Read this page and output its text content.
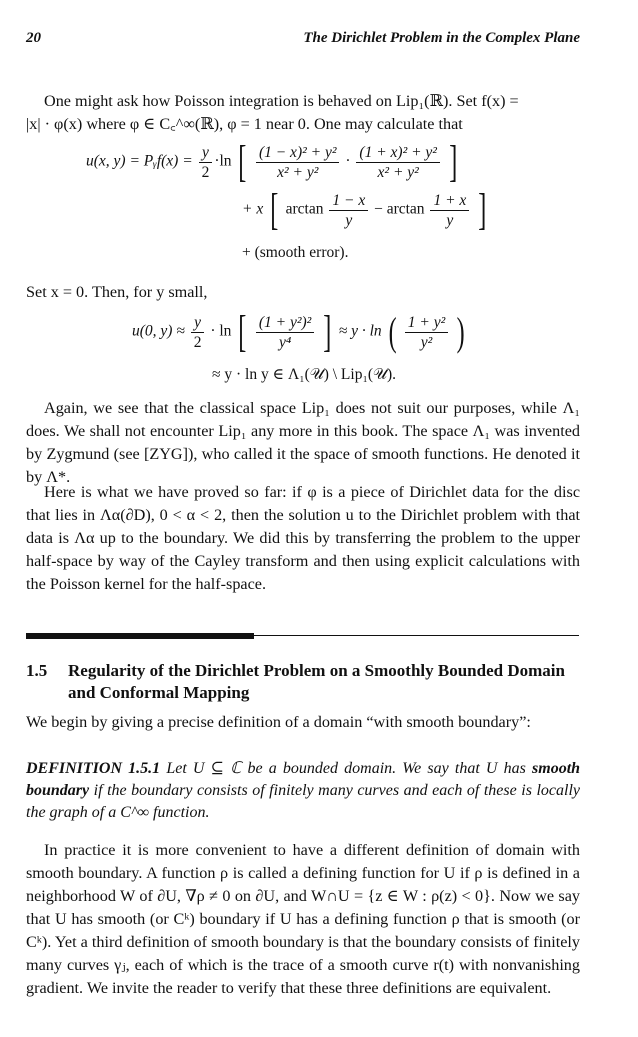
20	The Dirichlet Problem in the Complex Plane

One might ask how Poisson integration is behaved on Lip₁(ℝ). Set f(x) =

|x| · φ(x) where φ ∈ C꜀^∞(ℝ), φ = 1 near 0. One may calculate that

u(x, y) = Pᵧf(x) = $\frac{y}{2} \cdot\ln$ [ $\frac{\text{(1 − x)² + y²}}{\text{x² + y²}} \cdot \frac{\text{(1 + x)² + y²}}{\text{x² + y²}}$ ]
+ x [ $\arctan \frac{1 - x}{y} - \arctan \frac{1 + x}{y}$ ]
+ (smooth error).
Set x = 0. Then, for y small,
u(0, $y) \approx \frac{y}{2} \cdot \ln$ [ $\frac{\text{(1 + y²)²}}{\text{y⁴}}$ ] ≈ y · ln ( $\frac{\text{1 + y²}}{\text{y²}}$ )
≈ y · ln y ∈ Λ₁(𝒰) \ Lip₁(𝒰).
Again, we see that the classical space Lip₁ does not suit our purposes, while Λ₁ does. We shall not encounter Lip₁ any more in this book. The space Λ₁ was invented by Zygmund (see [ZYG]), who called it the space of smooth functions. He denoted it by Λ*.
Here is what we have proved so far: if φ is a piece of Dirichlet data for the disc that lies in Λα(∂D), 0 < α < 2, then the solution u to the Dirichlet problem with that data is Λα up to the boundary. We did this by transferring the problem to the upper half-space by way of the Cayley transform and then using explicit calculations with the Poisson kernel for the half-space.
1.5 Regularity of the Dirichlet Problem on a Smoothly Bounded Domain and Conformal Mapping
We begin by giving a precise definition of a domain “with smooth boundary”:
DEFINITION 1.5.1 Let U ⊆ ℂ be a bounded domain. We say that U has smooth boundary if the boundary consists of finitely many curves and each of these is locally the graph of a C^∞ function.
In practice it is more convenient to have a different definition of domain with smooth boundary. A function ρ is called a defining function for U if ρ is defined in a neighborhood W of ∂U, ∇ρ ≠ 0 on ∂U, and W∩U = {z ∈ W : ρ(z) < 0}. Now we say that U has smooth (or Cᵏ) boundary if U has a defining function ρ that is smooth (or Cᵏ). Yet a third definition of smooth boundary is that the boundary consists of finitely many curves γⱼ, each of which is the trace of a smooth curve r(t) with nonvanishing gradient. We invite the reader to verify that these three definitions are equivalent.
